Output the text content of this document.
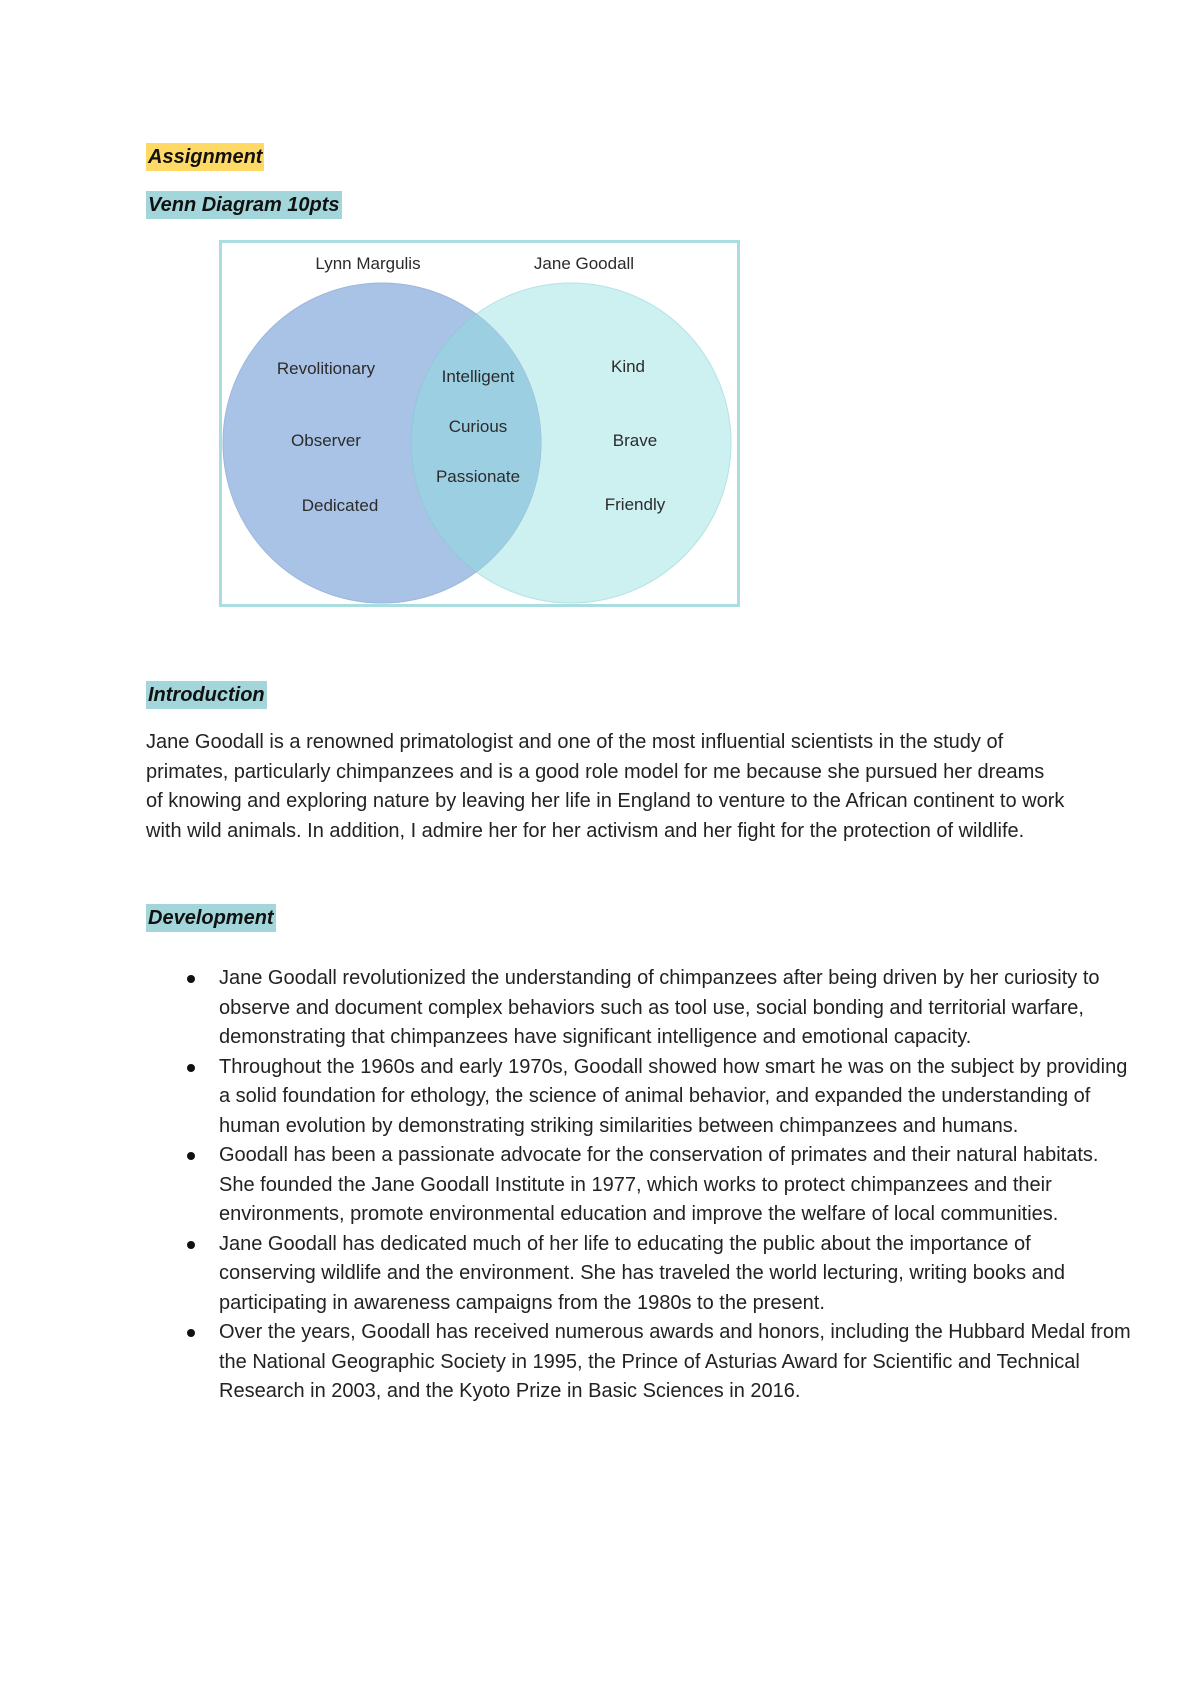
Assignment
Venn Diagram 10pts
Lynn Margulis	Jane Goodall
Revolitionary
Observer
Dedicated
Intelligent
Curious
Passionate
Kind
Brave
Friendly
Introduction

Jane Goodall is a renowned primatologist and one of the most influential scientists in the study of primates, particularly chimpanzees and is a good role model for me because she pursued her dreams of knowing and exploring nature by leaving her life in England to venture to the African continent to work with wild animals. In addition, I admire her for her activism and her fight for the protection of wildlife.

Development
Jane Goodall revolutionized the understanding of chimpanzees after being driven by her curiosity to observe and document complex behaviors such as tool use, social bonding and territorial warfare, demonstrating that chimpanzees have significant intelligence and emotional capacity.
Throughout the 1960s and early 1970s, Goodall showed how smart he was on the subject by providing a solid foundation for ethology, the science of animal behavior, and expanded the understanding of human evolution by demonstrating striking similarities between chimpanzees and humans.
Goodall has been a passionate advocate for the conservation of primates and their natural habitats. She founded the Jane Goodall Institute in 1977, which works to protect chimpanzees and their environments, promote environmental education and improve the welfare of local communities.
Jane Goodall has dedicated much of her life to educating the public about the importance of conserving wildlife and the environment. She has traveled the world lecturing, writing books and participating in awareness campaigns from the 1980s to the present.
Over the years, Goodall has received numerous awards and honors, including the Hubbard Medal from the National Geographic Society in 1995, the Prince of Asturias Award for Scientific and Technical Research in 2003, and the Kyoto Prize in Basic Sciences in 2016.
